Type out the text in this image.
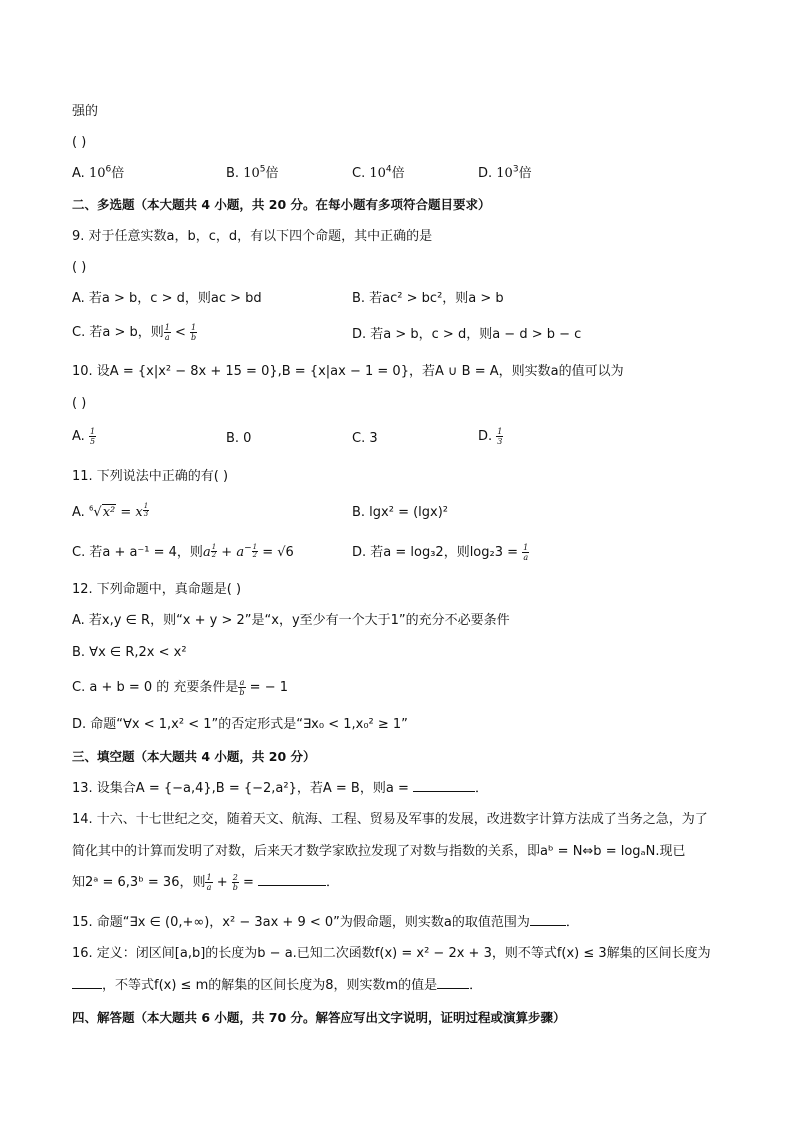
强的
( )
A. $10^6$倍	B. $10^5$倍	C. $10^4$倍	D. $10^3$倍
二、多选题（本大题共 4 小题，共 20 分。在每小题有多项符合题目要求）
9. 对于任意实数a，b，c，d，有以下四个命题，其中正确的是
( )
A. 若a > b，c > d，则ac > bd	B. 若ac² > bc²，则a > b
C. 若a > b，则 $\frac{1}{a} < \frac{1}{b}$	D. 若a > b，c > d，则a − d > b − c
10. 设A = {x|x² − 8x + 15 = 0},B = {x|ax − 1 = 0}，若A ∪ B = A，则实数a的值可以为
( )
A. $\frac{1}{5}$	B. 0	C. 3	D. $\frac{1}{3}$
11. 下列说法中正确的有( )
A. $^6$√x² = x $\frac{1}{3}$	B. lgx² = (lgx)²
C. 若a + a⁻¹ = 4，则a $\frac{1}{2} + a^- \frac{1}{2} = √6$	D. 若a = log₃2，则$\log_23 = \frac{1}{a}$
12. 下列命题中，真命题是( )
A. 若x,y ∈ R，则“x + y > 2”是“x，y至少有一个大于1”的充分不必要条件
B. ∀x ∈ R,2x < x²
C. a + b = 0 的 充要条件是 $\frac{a}{b}$ = − 1
D. 命题“∀x < 1,x² < 1”的否定形式是“∃x₀ < 1,x₀² ≥ 1”
三、填空题（本大题共 4 小题，共 20 分）
13. 设集合A = {−a,4},B = {−2,a²}，若A = B，则a =	．
14. 十六、十七世纪之交，随着天文、航海、工程、贸易及军事的发展，改进数字计算方法成了当务之急，为了
简化其中的计算而发明了对数，后来天才数学家欧拉发现了对数与指数的关系，即aᵇ = N⇔b = logₐN.现已
知2ᵃ = 6,3ᵇ = 36，则 $\frac{1}{a} + \frac{2}{b}$ =	．
15. 命题“∃x ∈ (0,+∞)，x² − 3ax + 9 < 0”为假命题，则实数a的取值范围为	．
16. 定义：闭区间[a,b]的长度为b − a.已知二次函数f(x) = x² − 2x + 3，则不等式f(x) ≤ 3解集的区间长度为
，不等式f(x) ≤ m的解集的区间长度为8，则实数m的值是 ．
四、解答题（本大题共 6 小题，共 70 分。解答应写出文字说明，证明过程或演算步骤）
